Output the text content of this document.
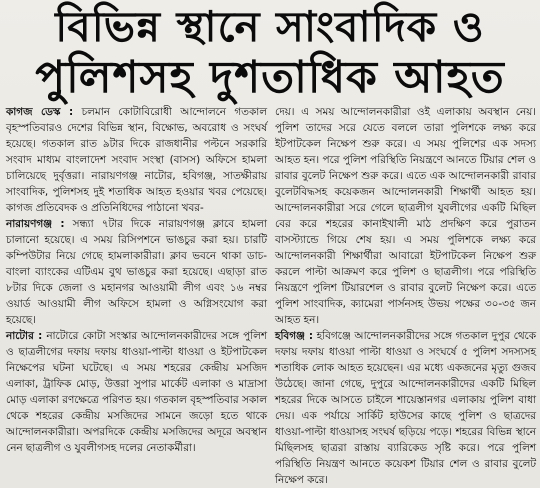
বিভিন্ন স্থানে সাংবাদিক ও
পুলিশসহ দুশতাধিক আহত

কাগজ ডেস্ক : চলমান কোটাবিরোধী আন্দোলনে গতকাল বৃহস্পতিবারও দেশের বিভিন্ন স্থান, বিক্ষোভ, অবরোধ ও সংঘর্ষ হয়েছে। গতকাল রাত ৯টার দিকে রাজধানীর পল্টনে সরকারি সংবাদ মাধ্যম বাংলাদেশ সংবাদ সংস্থা (বাসস) অফিসে হামলা চালিয়েছে দুর্বৃত্তরা। নারায়ণগঞ্জ নাটোর, হবিগঞ্জ, সাতক্ষীরায় সাংবাদিক, পুলিশসহ দুই শতাধিক আহত হওয়ার খবর পেয়েছে। কাগজ প্রতিবেদক ও প্রতিনিধিদের পাঠানো খবর-

নারায়ণগঞ্জ : সন্ধ্যা ৭টার দিকে নারায়ণগঞ্জ ক্লাবে হামলা চালানো হয়েছে। এ সময় রিসিপশনে ভাঙচুর করা হয়। চারটি কম্পিউটার নিয়ে গেছে হামলাকারীরা। ক্লাব ভবনে থাকা ডাচ-বাংলা ব্যাংকের এটিএম বুথ ভাঙচুর করা হয়েছে। এছাড়া রাত ৮টার দিকে জেলা ও মহানগর আওয়ামী লীগ এবং ১৬ নম্বর ওয়ার্ড আওয়ামী লীগ অফিসে হামলা ও অগ্নিসংযোগ করা হয়েছে।

নাটোর : নাটোরে কোটা সংস্কার আন্দোলনকারীদের সঙ্গে পুলিশ ও ছাত্রলীগের দফায় দফায় ধাওয়া-পাল্টা ধাওয়া ও ইটপাটকেল নিক্ষেপের ঘটনা ঘটেছে। এ সময় শহরের কেন্দ্রীয় মসজিদ এলাকা, ট্রাফিক মোড়, উত্তরা সুপার মার্কেট এলাকা ও মাদ্রাসা মোড় এলাকা রণক্ষেত্রে পরিণত হয়। গতকাল বৃহস্পতিবার সকাল থেকে শহরের কেন্দ্রীয় মসজিদের সামনে জড়ো হতে থাকে আন্দোলনকারীরা। অপরদিকে কেন্দ্রীয় মসজিদের অদূরে অবস্থান নেন ছাত্রলীগ ও যুবলীগসহ দলের নেতাকর্মীরা।

দেয়। এ সময় আন্দোলনকারীরা ওই এলাকায় অবস্থান নেয়। পুলিশ তাদের সরে যেতে বললে তারা পুলিশকে লক্ষ্য করে ইটপাটকেল নিক্ষেপ শুরু করে। এ সময় পুলিশের এক সদস্য আহত হন। পরে পুলিশ পরিস্থিতি নিয়ন্ত্রণে আনতে টিয়ার শেল ও রাবার বুলেট নিক্ষেপ শুরু করে। এতে এক আন্দোলনকারী রাবার বুলেটবিদ্ধসহ কয়েকজন আন্দোলনকারী শিক্ষার্থী আহত হয়। আন্দোলনকারীরা সরে গেলে ছাত্রলীগ যুবলীগের একটি মিছিল বের করে শহরের কানাইখালী মাঠ প্রদক্ষিণ করে পুরাতন বাসস্ট্যান্ডে গিয়ে শেষ হয়। এ সময় পুলিশকে লক্ষ্য করে আন্দোলনকারী শিক্ষার্থীরা আবারো ইটপাটকেল নিক্ষেপ শুরু করলে পাল্টা আক্রমণ করে পুলিশ ও ছাত্রলীগ। পরে পরিস্থিতি নিয়ন্ত্রণে পুলিশ টিয়ারশেল ও রাবার বুলেট নিক্ষেপ করে। এতে পুলিশ সাংবাদিক, ক্যামেরা পার্সনসহ উভয় পক্ষের ৩০-৩৫ জন আহত হন।

হবিগঞ্জ : হবিগঞ্জে আন্দোলনকারীদের সঙ্গে গতকাল দুপুর থেকে দফায় দফায় ধাওয়া পাল্টা ধাওয়া ও সংঘর্ষে ৫ পুলিশ সদস্যসহ শতাধিক লোক আহত হয়েছেন। এর মধ্যে একজনের মৃত্যু গুজব উঠেছে। জানা গেছে, দুপুরে আন্দোলনকারীদের একটি মিছিল শহরের দিকে আসতে চাইলে শায়েস্তানগর এলাকায় পুলিশ বাধা দেয়। এক পর্যায়ে সার্কিট হাউসের কাছে পুলিশ ও ছাত্রদের ধাওয়া-পাল্টা ধাওয়াসহ সংঘর্ষ ছড়িয়ে পড়ে। শহরের বিভিন্ন স্থানে মিছিলসহ ছাত্ররা রাস্তায় ব্যারিকেড সৃষ্টি করে। পরে পুলিশ পরিস্থিতি নিয়ন্ত্রণ আনতে কয়েকশ টিয়ার শেল ও রাবার বুলেট নিক্ষেপ করে।
